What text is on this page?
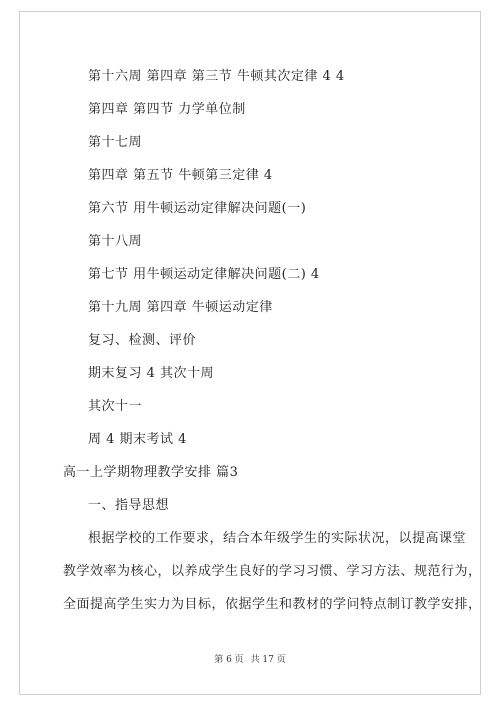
第十六周 第四章 第三节 牛顿其次定律 4 4
第四章 第四节 力学单位制
第十七周
第四章 第五节 牛顿第三定律 4
第六节 用牛顿运动定律解决问题(一)
第十八周
第七节 用牛顿运动定律解决问题(二) 4
第十九周 第四章 牛顿运动定律
复习、检测、评价
期末复习 4 其次十周
其次十一
周 4 期末考试 4
高一上学期物理教学安排 篇3
一、指导思想
根据学校的工作要求，结合本年级学生的实际状况，以提高课堂
教学效率为核心，以养成学生良好的学习习惯、学习方法、规范行为，
全面提高学生实力为目标，依据学生和教材的学问特点制订教学安排，
第 6 页 共 17 页
